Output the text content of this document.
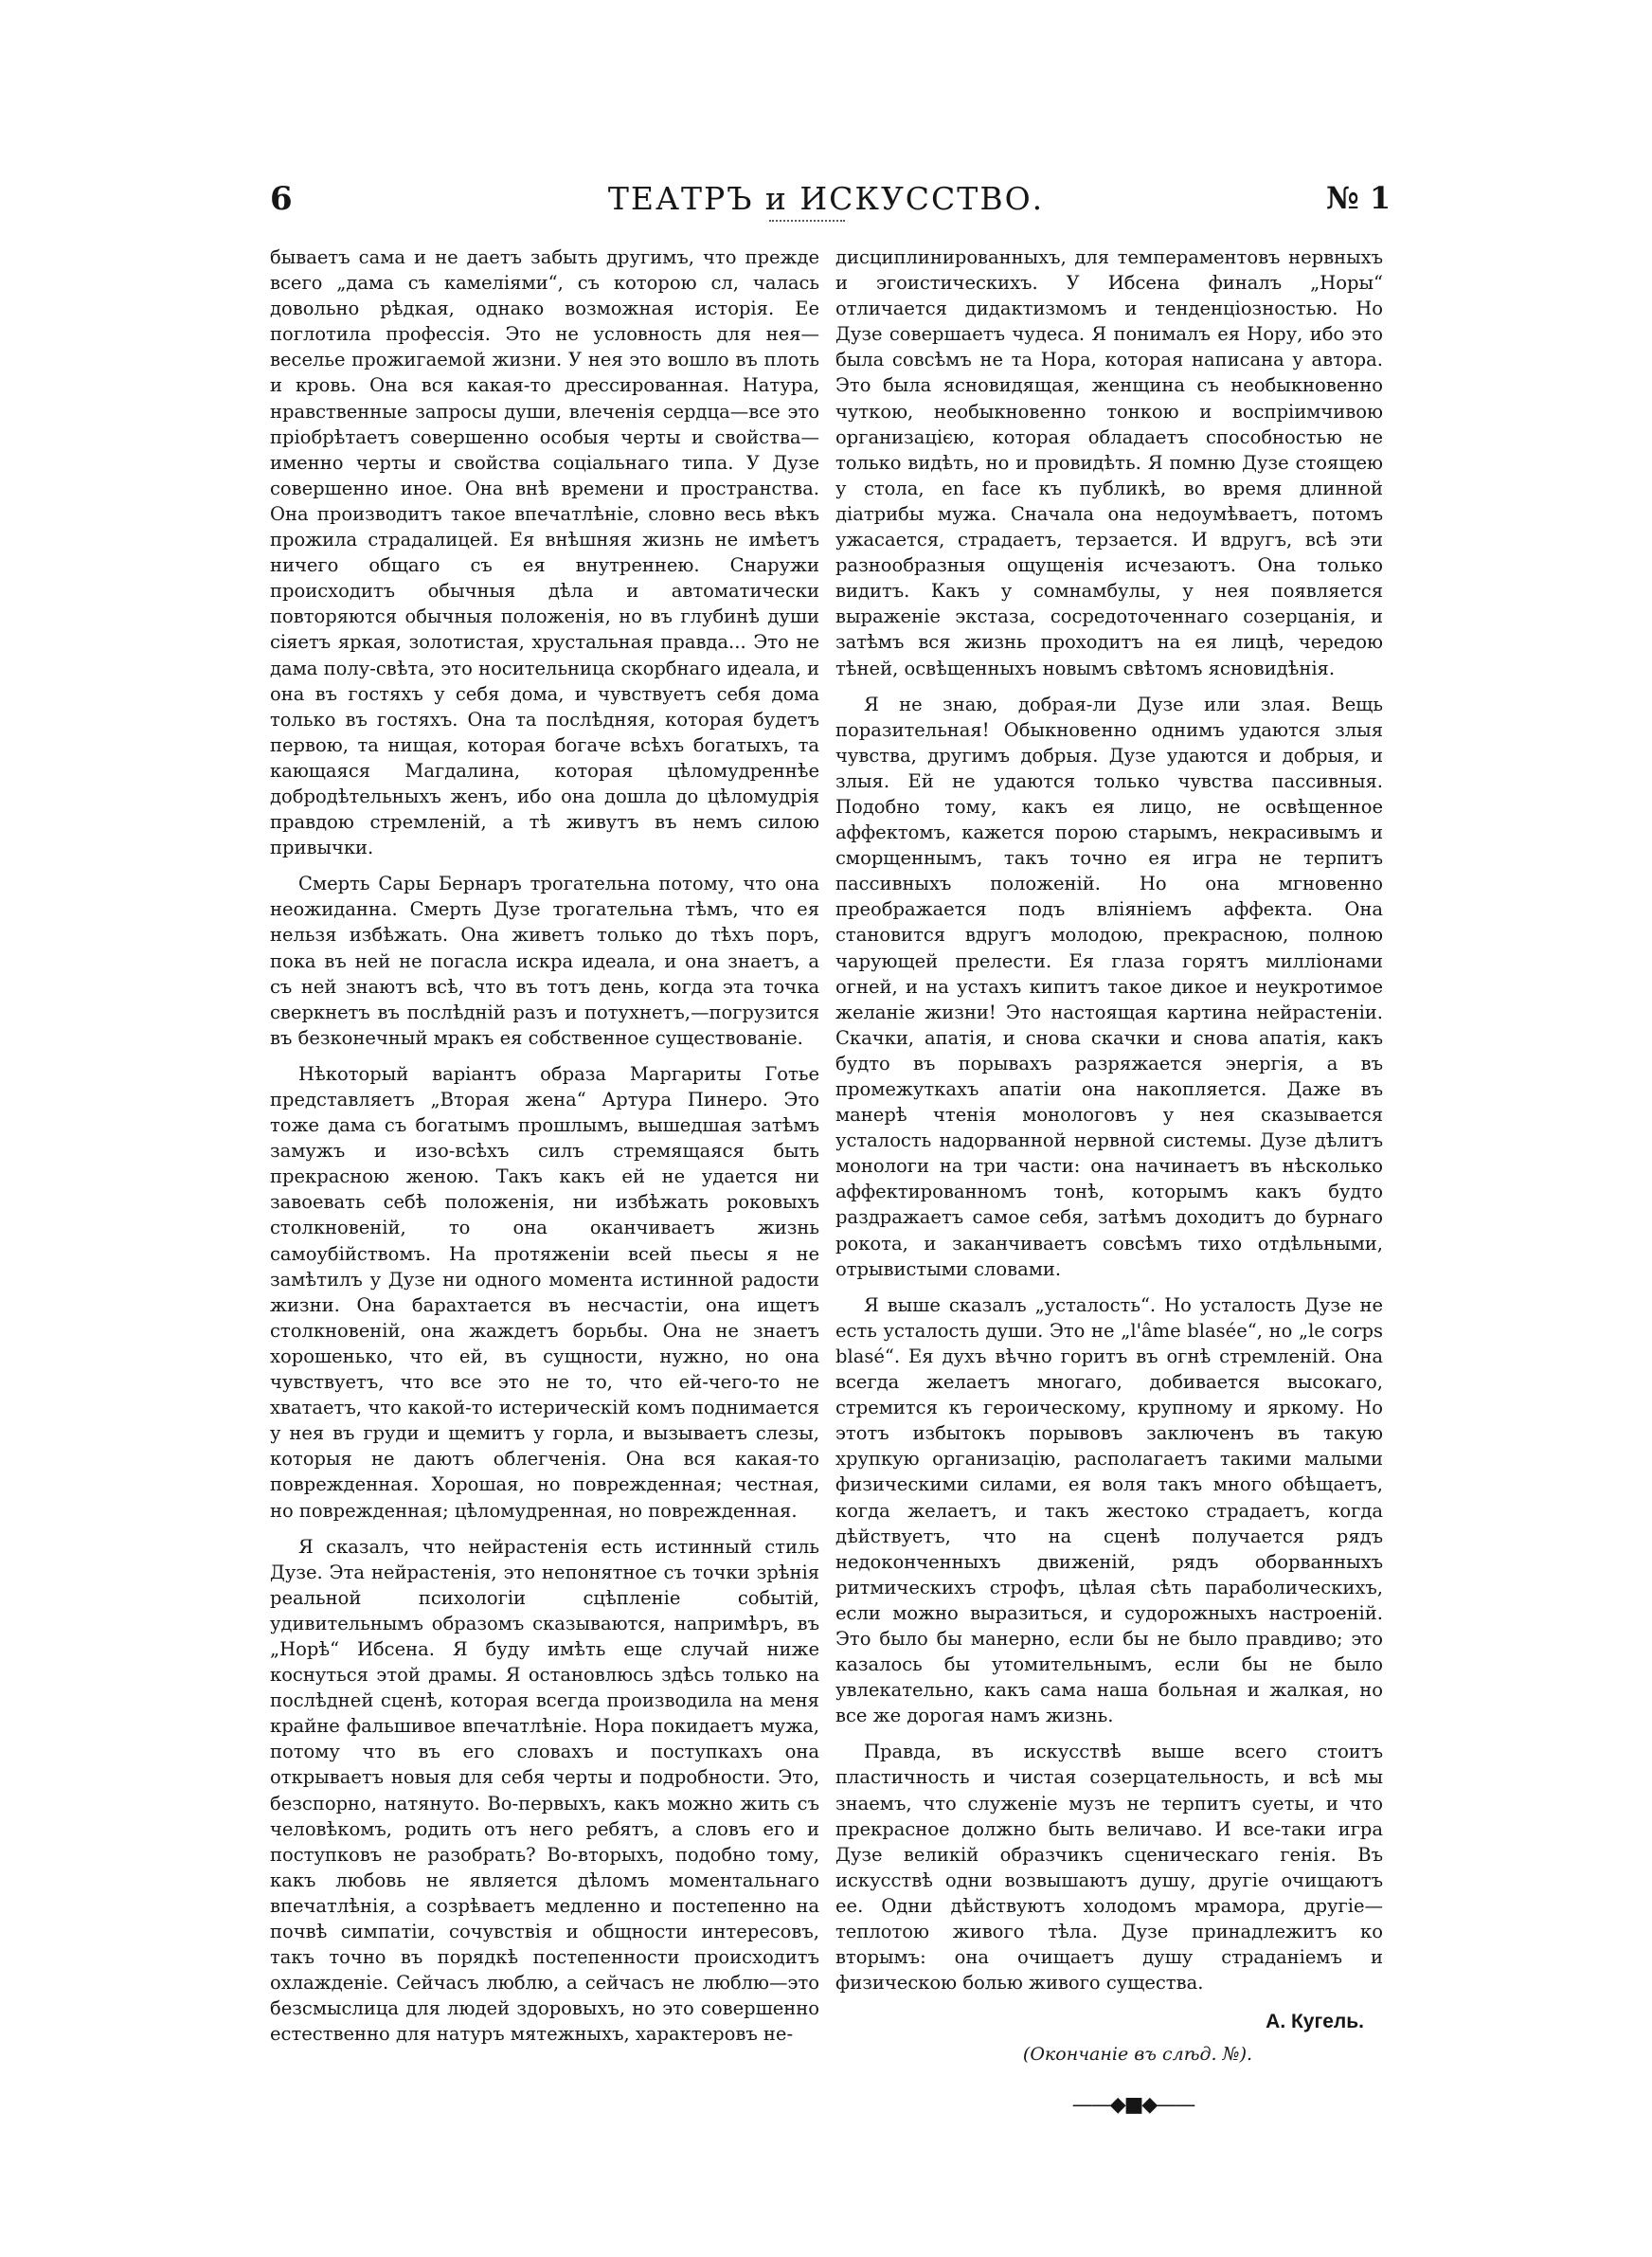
6	ТЕАТРЪ и ИСКУССТВО.	№ 1

бываетъ сама и не даетъ забыть другимъ, что прежде всего „дама съ камеліями“, съ которою сл, чалась довольно рѣдкая, однако возможная исторія. Ее поглотила профессія. Это не условность для нея—веселье прожигаемой жизни. У нея это вошло въ плоть и кровь. Она вся какая-то дрессированная. Натура, нравственные запросы души, влеченія сердца—все это пріобрѣтаетъ совершенно особыя черты и свойства—именно черты и свойства соціальнаго типа. У Дузе совершенно иное. Она внѣ времени и пространства. Она производитъ такое впечатлѣніе, словно весь вѣкъ прожила страдалицей. Ея внѣшняя жизнь не имѣетъ ничего общаго съ ея внутреннею. Снаружи происходитъ обычныя дѣла и автоматически повторяются обычныя положенія, но въ глубинѣ души сіяетъ яркая, золотистая, хрустальная правда... Это не дама полу-свѣта, это носительница скорбнаго идеала, и она въ гостяхъ у себя дома, и чувствуетъ себя дома только въ гостяхъ. Она та послѣдняя, которая будетъ первою, та нищая, которая богаче всѣхъ богатыхъ, та кающаяся Магдалина, которая цѣломудреннѣе добродѣтельныхъ женъ, ибо она дошла до цѣломудрія правдою стремленій, а тѣ живутъ въ немъ силою привычки.

Смерть Сары Бернаръ трогательна потому, что она неожиданна. Смерть Дузе трогательна тѣмъ, что ея нельзя избѣжать. Она живетъ только до тѣхъ поръ, пока въ ней не погасла искра идеала, и она знаетъ, а съ ней знаютъ всѣ, что въ тотъ день, когда эта точка сверкнетъ въ послѣдній разъ и потухнетъ,—погрузится въ безконечный мракъ ея собственное существованіе.

Нѣкоторый варіантъ образа Маргариты Готье представляетъ „Вторая жена“ Артура Пинеро. Это тоже дама съ богатымъ прошлымъ, вышедшая затѣмъ замужъ и изо-всѣхъ силъ стремящаяся быть прекрасною женою. Такъ какъ ей не удается ни завоевать себѣ положенія, ни избѣжать роковыхъ столкновеній, то она оканчиваетъ жизнь самоубійствомъ. На протяженіи всей пьесы я не замѣтилъ у Дузе ни одного момента истинной радости жизни. Она барахтается въ несчастіи, она ищетъ столкновеній, она жаждетъ борьбы. Она не знаетъ хорошенько, что ей, въ сущности, нужно, но она чувствуетъ, что все это не то, что ей-чего-то не хватаетъ, что какой-то истерическій комъ поднимается у нея въ груди и щемитъ у горла, и вызываетъ слезы, которыя не даютъ облегченія. Она вся какая-то поврежденная. Хорошая, но поврежденная; честная, но поврежденная; цѣломудренная, но поврежденная.

Я сказалъ, что нейрастенія есть истинный стиль Дузе. Эта нейрастенія, это непонятное съ точки зрѣнія реальной психологіи сцѣпленіе событій, удивительнымъ образомъ сказываются, напримѣръ, въ „Норѣ“ Ибсена. Я буду имѣть еще случай ниже коснуться этой драмы. Я остановлюсь здѣсь только на послѣдней сценѣ, которая всегда производила на меня крайне фальшивое впечатлѣніе. Нора покидаетъ мужа, потому что въ его словахъ и поступкахъ она открываетъ новыя для себя черты и подробности. Это, безспорно, натянуто. Во-первыхъ, какъ можно жить съ человѣкомъ, родить отъ него ребятъ, а словъ его и поступковъ не разобрать? Во-вторыхъ, подобно тому, какъ любовь не является дѣломъ моментальнаго впечатлѣнія, а созрѣваетъ медленно и постепенно на почвѣ симпатіи, сочувствія и общности интересовъ, такъ точно въ порядкѣ постепенности происходитъ охлажденіе. Сейчасъ люблю, а сейчасъ не люблю—это безсмыслица для людей здоровыхъ, но это совершенно естественно для натуръ мятежныхъ, характеровъ не-

дисциплинированныхъ, для темпераментовъ нервныхъ и эгоистическихъ. У Ибсена финалъ „Норы“ отличается дидактизмомъ и тенденціозностью. Но Дузе совершаетъ чудеса. Я понималъ ея Нору, ибо это была совсѣмъ не та Нора, которая написана у автора. Это была ясновидящая, женщина съ необыкновенно чуткою, необыкновенно тонкою и воспріимчивою организацією, которая обладаетъ способностью не только видѣть, но и провидѣть. Я помню Дузе стоящею у стола, en face къ публикѣ, во время длинной діатрибы мужа. Сначала она недоумѣваетъ, потомъ ужасается, страдаетъ, терзается. И вдругъ, всѣ эти разнообразныя ощущенія исчезаютъ. Она только видитъ. Какъ у сомнамбулы, у нея появляется выраженіе экстаза, сосредоточеннаго созерцанія, и затѣмъ вся жизнь проходитъ на ея лицѣ, чередою тѣней, освѣщенныхъ новымъ свѣтомъ ясновидѣнія.

Я не знаю, добрая-ли Дузе или злая. Вещь поразительная! Обыкновенно однимъ удаются злыя чувства, другимъ добрыя. Дузе удаются и добрыя, и злыя. Ей не удаются только чувства пассивныя. Подобно тому, какъ ея лицо, не освѣщенное аффектомъ, кажется порою старымъ, некрасивымъ и сморщеннымъ, такъ точно ея игра не терпитъ пассивныхъ положеній. Но она мгновенно преображается подъ вліяніемъ аффекта. Она становится вдругъ молодою, прекрасною, полною чарующей прелести. Ея глаза горятъ милліонами огней, и на устахъ кипитъ такое дикое и неукротимое желаніе жизни! Это настоящая картина нейрастеніи. Скачки, апатія, и снова скачки и снова апатія, какъ будто въ порывахъ разряжается энергія, а въ промежуткахъ апатіи она накопляется. Даже въ манерѣ чтенія монологовъ у нея сказывается усталость надорванной нервной системы. Дузе дѣлитъ монологи на три части: она начинаетъ въ нѣсколько аффектированномъ тонѣ, которымъ какъ будто раздражаетъ самое себя, затѣмъ доходитъ до бурнаго рокота, и заканчиваетъ совсѣмъ тихо отдѣльными, отрывистыми словами.

Я выше сказалъ „усталость“. Но усталость Дузе не есть усталость души. Это не „l'âme blasée“, но „le corps blasé“. Ея духъ вѣчно горитъ въ огнѣ стремленій. Она всегда желаетъ многаго, добивается высокаго, стремится къ героическому, крупному и яркому. Но этотъ избытокъ порывовъ заключенъ въ такую хрупкую организацію, располагаетъ такими малыми физическими силами, ея воля такъ много обѣщаетъ, когда желаетъ, и такъ жестоко страдаетъ, когда дѣйствуетъ, что на сценѣ получается рядъ недоконченныхъ движеній, рядъ оборванныхъ ритмическихъ строфъ, цѣлая сѣть параболическихъ, если можно выразиться, и судорожныхъ настроеній. Это было бы манерно, если бы не было правдиво; это казалось бы утомительнымъ, если бы не было увлекательно, какъ сама наша больная и жалкая, но все же дорогая намъ жизнь.

Правда, въ искусствѣ выше всего стоитъ пластичность и чистая созерцательность, и всѣ мы знаемъ, что служеніе музъ не терпитъ суеты, и что прекрасное должно быть величаво. И все-таки игра Дузе великій образчикъ сценическаго генія. Въ искусствѣ одни возвышаютъ душу, другіе очищаютъ ее. Одни дѣйствуютъ холодомъ мрамора, другіе—теплотою живого тѣла. Дузе принадлежитъ ко вторымъ: она очищаетъ душу страданіемъ и физическою болью живого существа.

А. Кугель.
(Окончаніе въ слѣд. №).
——◆■◆——
